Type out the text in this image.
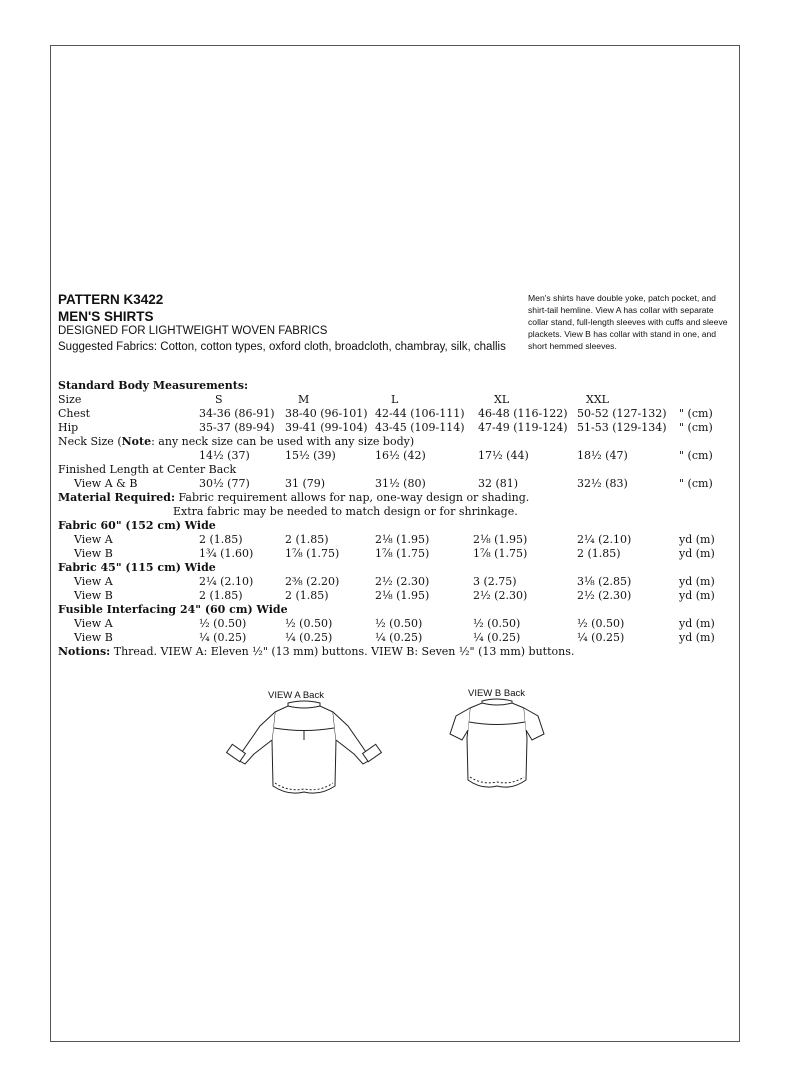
PATTERN K3422
MEN'S SHIRTS
DESIGNED FOR LIGHTWEIGHT WOVEN FABRICS
Suggested Fabrics: Cotton, cotton types, oxford cloth, broadcloth, chambray, silk, challis
Men's shirts have double yoke, patch pocket, and shirt-tail hemline. View A has collar with separate collar stand, full-length sleeves with cuffs and sleeve plackets. View B has collar with stand in one, and short hemmed sleeves.
Standard Body Measurements:
Size	S	M	L	XL	XXL
Chest	34-36 (86-91) 38-40 (96-101) 42-44 (106-111) 46-48 (116-122) 50-52 (127-132) " (cm)
Hip	35-37 (89-94) 39-41 (99-104) 43-45 (109-114) 47-49 (119-124) 51-53 (129-134) " (cm)
Neck Size (Note: any neck size can be used with any size body)
14½ (37)	15½ (39)	16½ (42)	17½ (44)	18½ (47)	" (cm)
Finished Length at Center Back
View A & B	30½ (77)	31 (79)	31½ (80)	32 (81)	32½ (83)	" (cm)
Material Required: Fabric requirement allows for nap, one-way design or shading.
Extra fabric may be needed to match design or for shrinkage.
Fabric 60" (152 cm) Wide
View A	2 (1.85)	2 (1.85)	2⅛ (1.95)	2⅛ (1.95)	2¼ (2.10)	yd (m)
View B	1¾ (1.60)	1⅞ (1.75)	1⅞ (1.75)	1⅞ (1.75)	2 (1.85)	yd (m)
Fabric 45" (115 cm) Wide
View A	2¼ (2.10)	2⅜ (2.20)	2½ (2.30)	3 (2.75)	3⅛ (2.85)	yd (m)
View B	2 (1.85)	2 (1.85)	2⅛ (1.95)	2½ (2.30)	2½ (2.30)	yd (m)
Fusible Interfacing 24" (60 cm) Wide
View A	½ (0.50)	½ (0.50)	½ (0.50)	½ (0.50)	½ (0.50)	yd (m)
View B	¼ (0.25)	¼ (0.25)	¼ (0.25)	¼ (0.25)	¼ (0.25)	yd (m)
Notions: Thread. VIEW A: Eleven ½" (13 mm) buttons. VIEW B: Seven ½" (13 mm) buttons.
VIEW A Back	VIEW B Back
